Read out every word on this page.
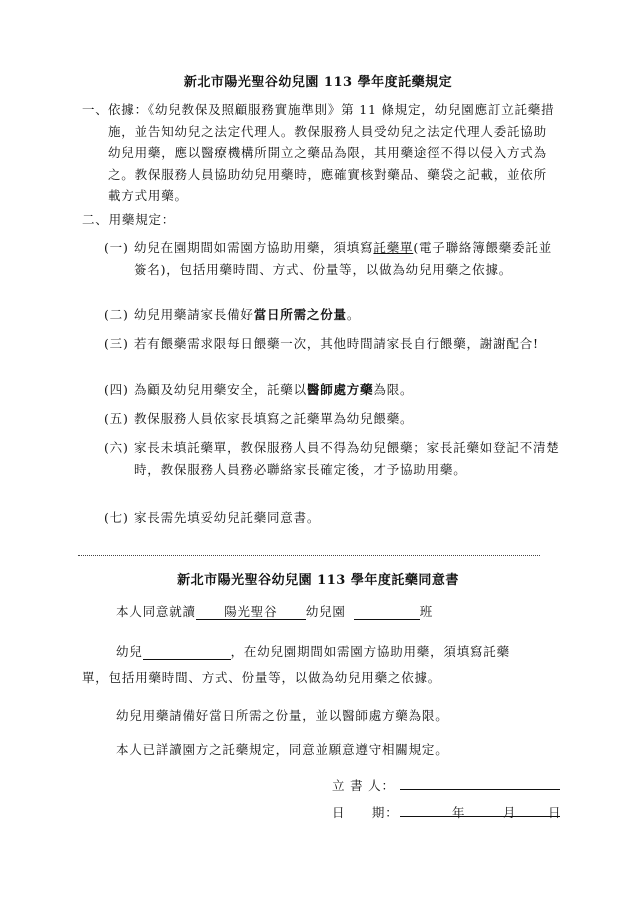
新北市陽光聖谷幼兒園 113 學年度託藥規定
一、 依據：《幼兒教保及照顧服務實施準則》第 11 條規定，幼兒園應訂立託藥措施，並告知幼兒之法定代理人。教保服務人員受幼兒之法定代理人委託協助幼兒用藥，應以醫療機構所開立之藥品為限，其用藥途徑不得以侵入方式為之。教保服務人員協助幼兒用藥時，應確實核對藥品、藥袋之記載，並依所載方式用藥。
二、用藥規定：
(一) 幼兒在園期間如需園方協助用藥，須填寫託藥單(電子聯絡簿餵藥委託並簽名)，包括用藥時間、方式、份量等，以做為幼兒用藥之依據。
(二) 幼兒用藥請家長備好當日所需之份量。
(三) 若有餵藥需求限每日餵藥一次，其他時間請家長自行餵藥，謝謝配合!
(四) 為顧及幼兒用藥安全，託藥以醫師處方藥為限。
(五) 教保服務人員依家長填寫之託藥單為幼兒餵藥。
(六) 家長未填託藥單，教保服務人員不得為幼兒餵藥；家長託藥如登記不清楚時，教保服務人員務必聯絡家長確定後，才予協助用藥。
(七) 家長需先填妥幼兒託藥同意書。
新北市陽光聖谷幼兒園 113 學年度託藥同意書
本人同意就讀 陽光聖谷 幼兒園	班
幼兒	，在幼兒園期間如需園方協助用藥，須填寫託藥
單，包括用藥時間、方式、份量等，以做為幼兒用藥之依據。
幼兒用藥請備好當日所需之份量，並以醫師處方藥為限。
本人已詳讀園方之託藥規定，同意並願意遵守相關規定。
立 書 人：
日　　期：	年	月	日
